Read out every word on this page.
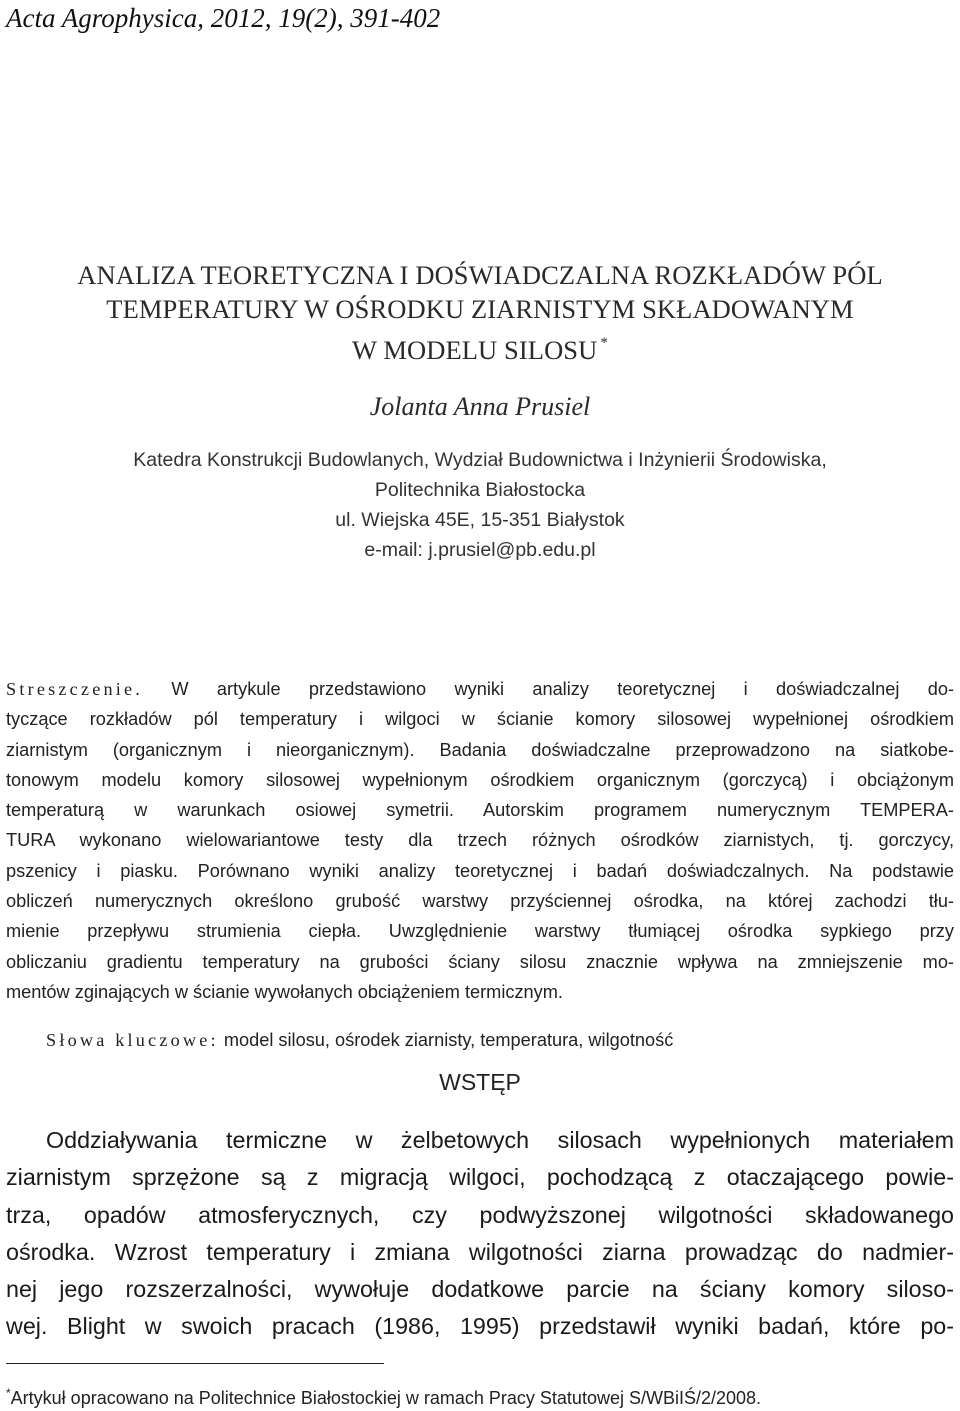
Acta Agrophysica, 2012, 19(2), 391-402
ANALIZA TEORETYCZNA I DOŚWIADCZALNA ROZKŁADÓW PÓL
TEMPERATURY W OŚRODKU ZIARNISTYM SKŁADOWANYM
W MODELU SILOSU *
Jolanta Anna Prusiel
Katedra Konstrukcji Budowlanych, Wydział Budownictwa i Inżynierii Środowiska,
Politechnika Białostocka
ul. Wiejska 45E, 15-351 Białystok
e-mail: j.prusiel@pb.edu.pl
Streszczenie. W artykule przedstawiono wyniki analizy teoretycznej i doświadczalnej do-
tyczące rozkładów pól temperatury i wilgoci w ścianie komory silosowej wypełnionej ośrodkiem
ziarnistym (organicznym i nieorganicznym). Badania doświadczalne przeprowadzono na siatkobe-
tonowym modelu komory silosowej wypełnionym ośrodkiem organicznym (gorczycą) i obciążonym
temperaturą w warunkach osiowej symetrii. Autorskim programem numerycznym TEMPERA-
TURA wykonano wielowariantowe testy dla trzech różnych ośrodków ziarnistych, tj. gorczycy,
pszenicy i piasku. Porównano wyniki analizy teoretycznej i badań doświadczalnych. Na podstawie
obliczeń numerycznych określono grubość warstwy przyściennej ośrodka, na której zachodzi tłu-
mienie przepływu strumienia ciepła. Uwzględnienie warstwy tłumiącej ośrodka sypkiego przy
obliczaniu gradientu temperatury na grubości ściany silosu znacznie wpływa na zmniejszenie mo-
mentów zginających w ścianie wywołanych obciążeniem termicznym.
Słowa kluczowe: model silosu, ośrodek ziarnisty, temperatura, wilgotność
WSTĘP
Oddziaływania termiczne w żelbetowych silosach wypełnionych materiałem
ziarnistym sprzężone są z migracją wilgoci, pochodzącą z otaczającego powie-
trza, opadów atmosferycznych, czy podwyższonej wilgotności składowanego
ośrodka. Wzrost temperatury i zmiana wilgotności ziarna prowadząc do nadmier-
nej jego rozszerzalności, wywołuje dodatkowe parcie na ściany komory siloso-
wej. Blight w swoich pracach (1986, 1995) przedstawił wyniki badań, które po-
*Artykuł opracowano na Politechnice Białostockiej w ramach Pracy Statutowej S/WBiIŚ/2/2008.
